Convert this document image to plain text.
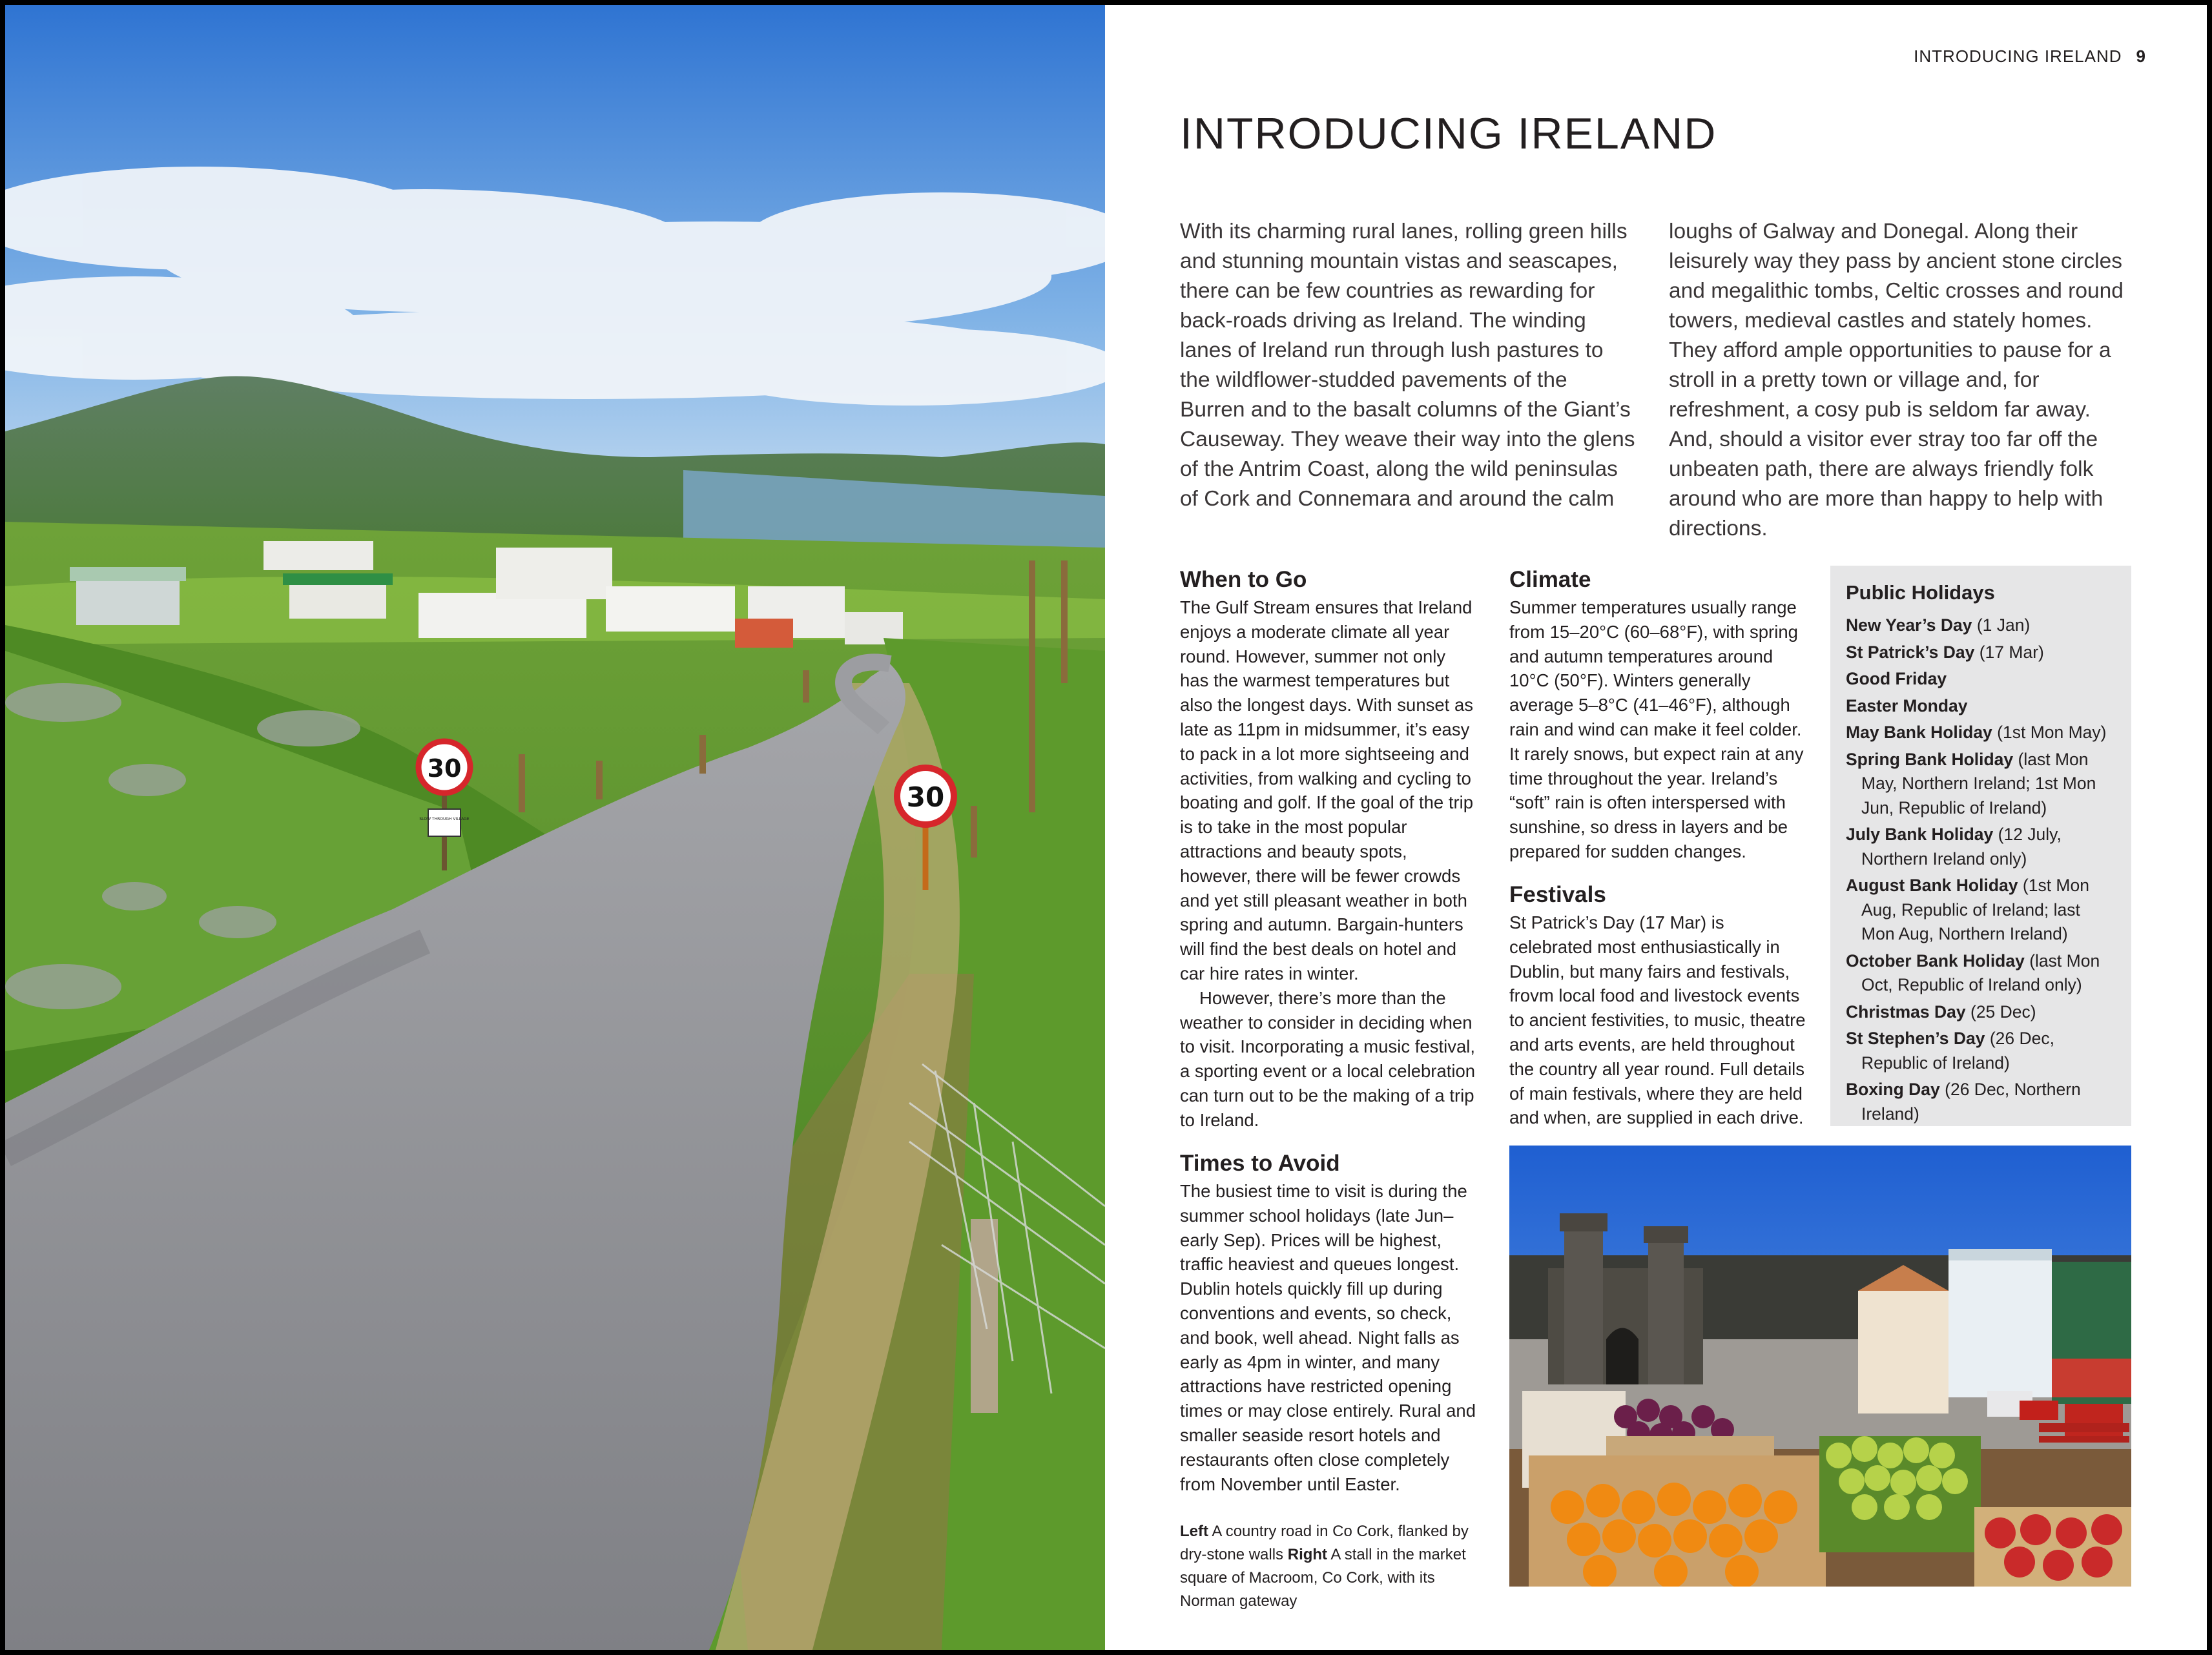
30
SLOW THROUGH VILLAGE
30
INTRODUCING IRELAND 9
INTRODUCING IRELAND

With its charming rural lanes, rolling green hills and stunning mountain vistas and seascapes, there can be few countries as rewarding for back-roads driving as Ireland. The winding lanes of Ireland run through lush pastures to the wildflower-studded pavements of the Burren and to the basalt columns of the Giant’s Causeway. They weave their way into the glens of the Antrim Coast, along the wild peninsulas of Cork and Connemara and around the calm

loughs of Galway and Donegal. Along their leisurely way they pass by ancient stone circles and megalithic tombs, Celtic crosses and round towers, medieval castles and stately homes. They afford ample opportunities to pause for a stroll in a pretty town or village and, for refreshment, a cosy pub is seldom far away. And, should a visitor ever stray too far off the unbeaten path, there are always friendly folk around who are more than happy to help with directions.

When to Go

The Gulf Stream ensures that Ireland enjoys a moderate climate all year round. However, summer not only has the warmest temperatures but also the longest days. With sunset as late as 11pm in midsummer, it’s easy to pack in a lot more sightseeing and activities, from walking and cycling to boating and golf. If the goal of the trip is to take in the most popular attractions and beauty spots, however, there will be fewer crowds and yet still pleasant weather in both spring and autumn. Bargain-hunters will find the best deals on hotel and car hire rates in winter.

However, there’s more than the weather to consider in deciding when to visit. Incorporating a music festival, a sporting event or a local celebration can turn out to be the making of a trip to Ireland.

Times to Avoid

The busiest time to visit is during the summer school holidays (late Jun–early Sep). Prices will be highest, traffic heaviest and queues longest. Dublin hotels quickly fill up during conventions and events, so check, and book, well ahead. Night falls as early as 4pm in winter, and many attractions have restricted opening times or may close entirely. Rural and smaller seaside resort hotels and restaurants often close completely from November until Easter.

Climate

Summer temperatures usually range from 15–20°C (60–68°F), with spring and autumn temperatures around 10°C (50°F). Winters generally average 5–8°C (41–46°F), although rain and wind can make it feel colder. It rarely snows, but expect rain at any time throughout the year. Ireland’s “soft” rain is often interspersed with sunshine, so dress in layers and be prepared for sudden changes.

Festivals

St Patrick’s Day (17 Mar) is celebrated most enthusiastically in Dublin, but many fairs and festivals, frovm local food and livestock events to ancient festivities, to music, theatre and arts events, are held throughout the country all year round. Full details of main festivals, where they are held and when, are supplied in each drive.

Public Holidays
New Year’s Day (1 Jan)
St Patrick’s Day (17 Mar)
Good Friday
Easter Monday
May Bank Holiday (1st Mon May)
Spring Bank Holiday (last Mon May, Northern Ireland; 1st Mon Jun, Republic of Ireland)
July Bank Holiday (12 July, Northern Ireland only)
August Bank Holiday (1st Mon Aug, Republic of Ireland; last Mon Aug, Northern Ireland)
October Bank Holiday (last Mon Oct, Republic of Ireland only)
Christmas Day (25 Dec)
St Stephen’s Day (26 Dec, Republic of Ireland)
Boxing Day (26 Dec, Northern Ireland)

Left A country road in Co Cork, flanked by dry-stone walls Right A stall in the market square of Macroom, Co Cork, with its Norman gateway
